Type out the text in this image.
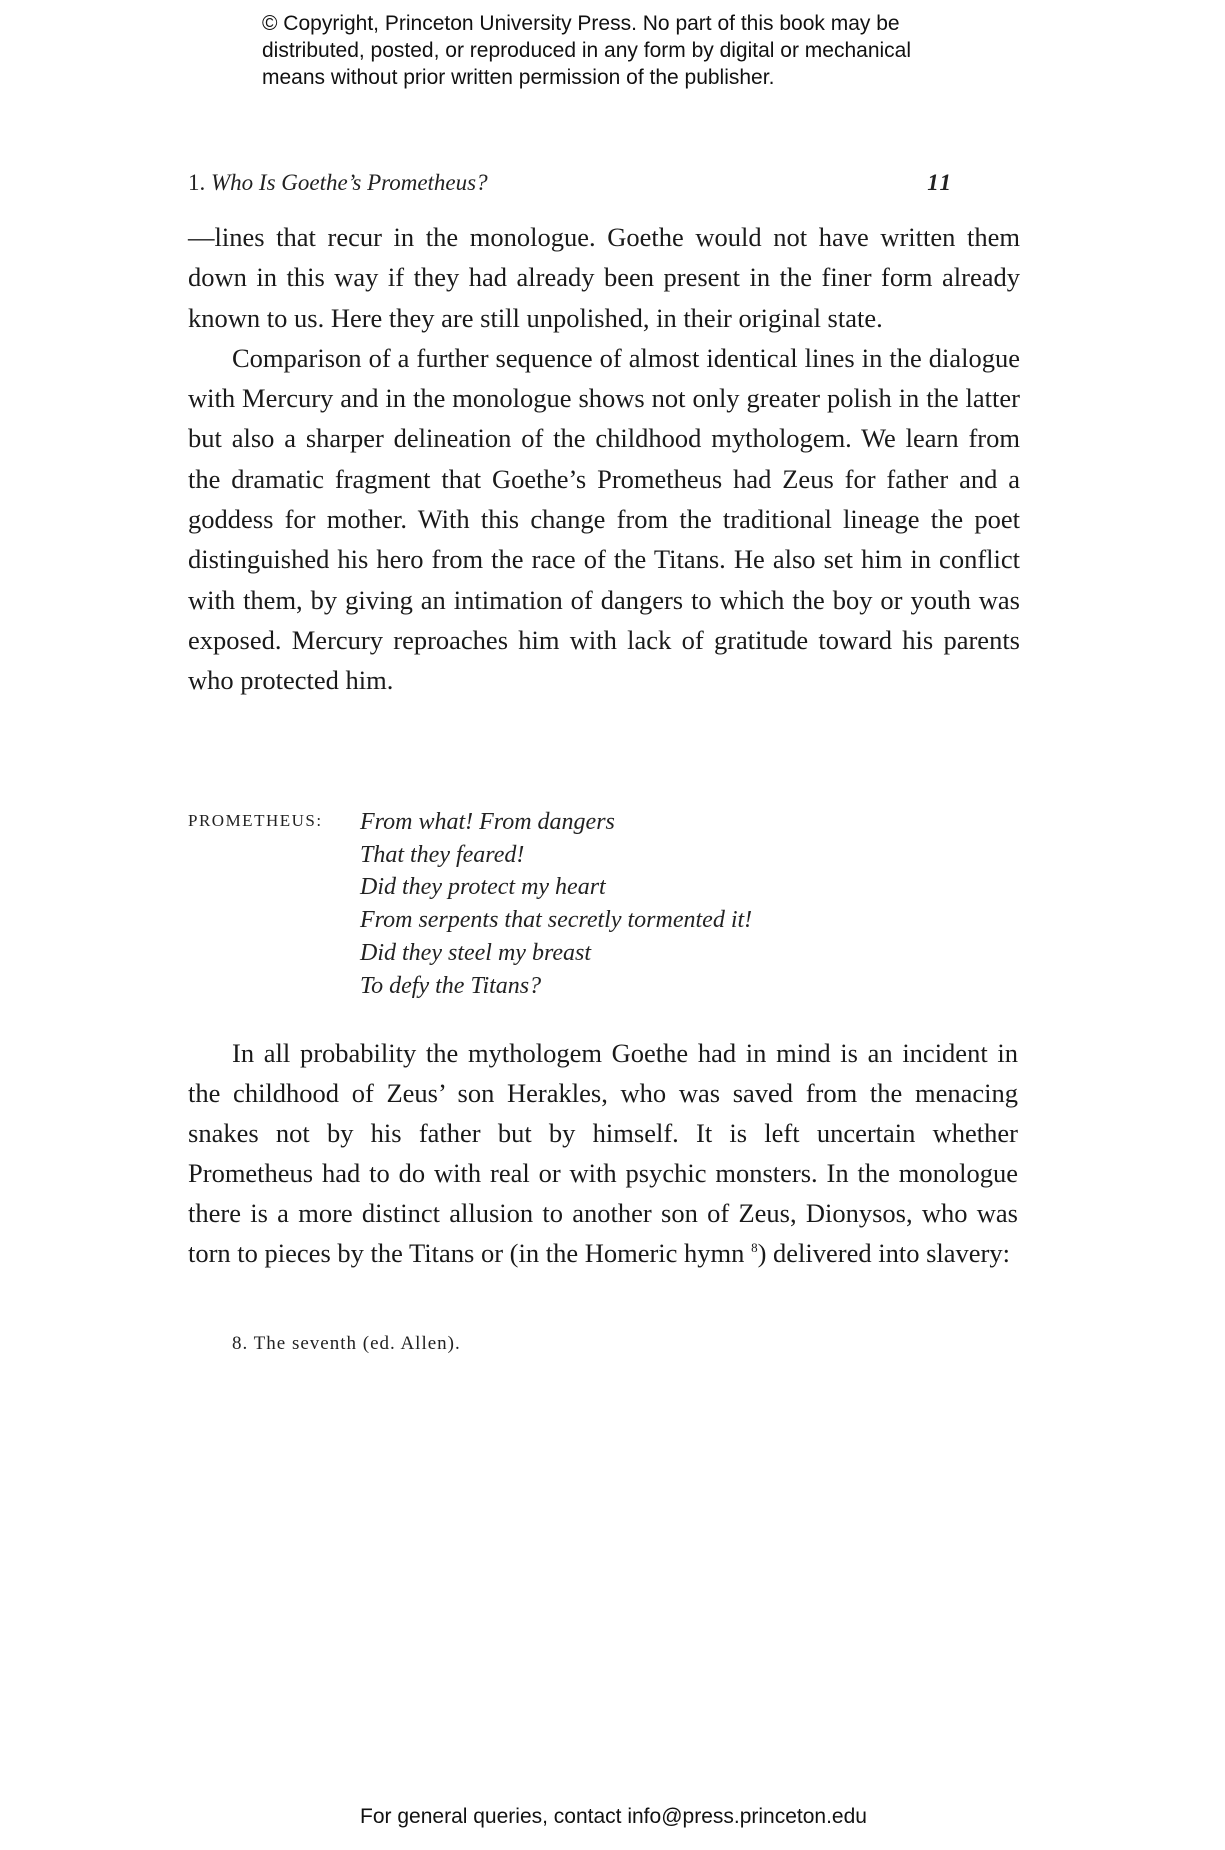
© Copyright, Princeton University Press. No part of this book may be
distributed, posted, or reproduced in any form by digital or mechanical
means without prior written permission of the publisher.
1. Who Is Goethe’s Prometheus?	11

—lines that recur in the monologue. Goethe would not have written them down in this way if they had already been present in the finer form already known to us. Here they are still unpolished, in their original state.

Comparison of a further sequence of almost identical lines in the dialogue with Mercury and in the monologue shows not only greater polish in the latter but also a sharper delineation of the childhood mythologem. We learn from the dramatic fragment that Goethe’s Prometheus had Zeus for father and a goddess for mother. With this change from the traditional lineage the poet distinguished his hero from the race of the Titans. He also set him in conflict with them, by giving an intimation of dangers to which the boy or youth was exposed. Mercury reproaches him with lack of gratitude toward his parents who protected him.

PROMETHEUS: From what! From dangers
That they feared!
Did they protect my heart
From serpents that secretly tormented it!
Did they steel my breast
To defy the Titans?

In all probability the mythologem Goethe had in mind is an incident in the childhood of Zeus’ son Herakles, who was saved from the menacing snakes not by his father but by himself. It is left uncertain whether Prometheus had to do with real or with psychic monsters. In the monologue there is a more distinct allusion to another son of Zeus, Dionysos, who was torn to pieces by the Titans or (in the Homeric hymn $^8$) delivered into slavery:

8. The seventh (ed. Allen).
For general queries, contact info@press.princeton.edu
